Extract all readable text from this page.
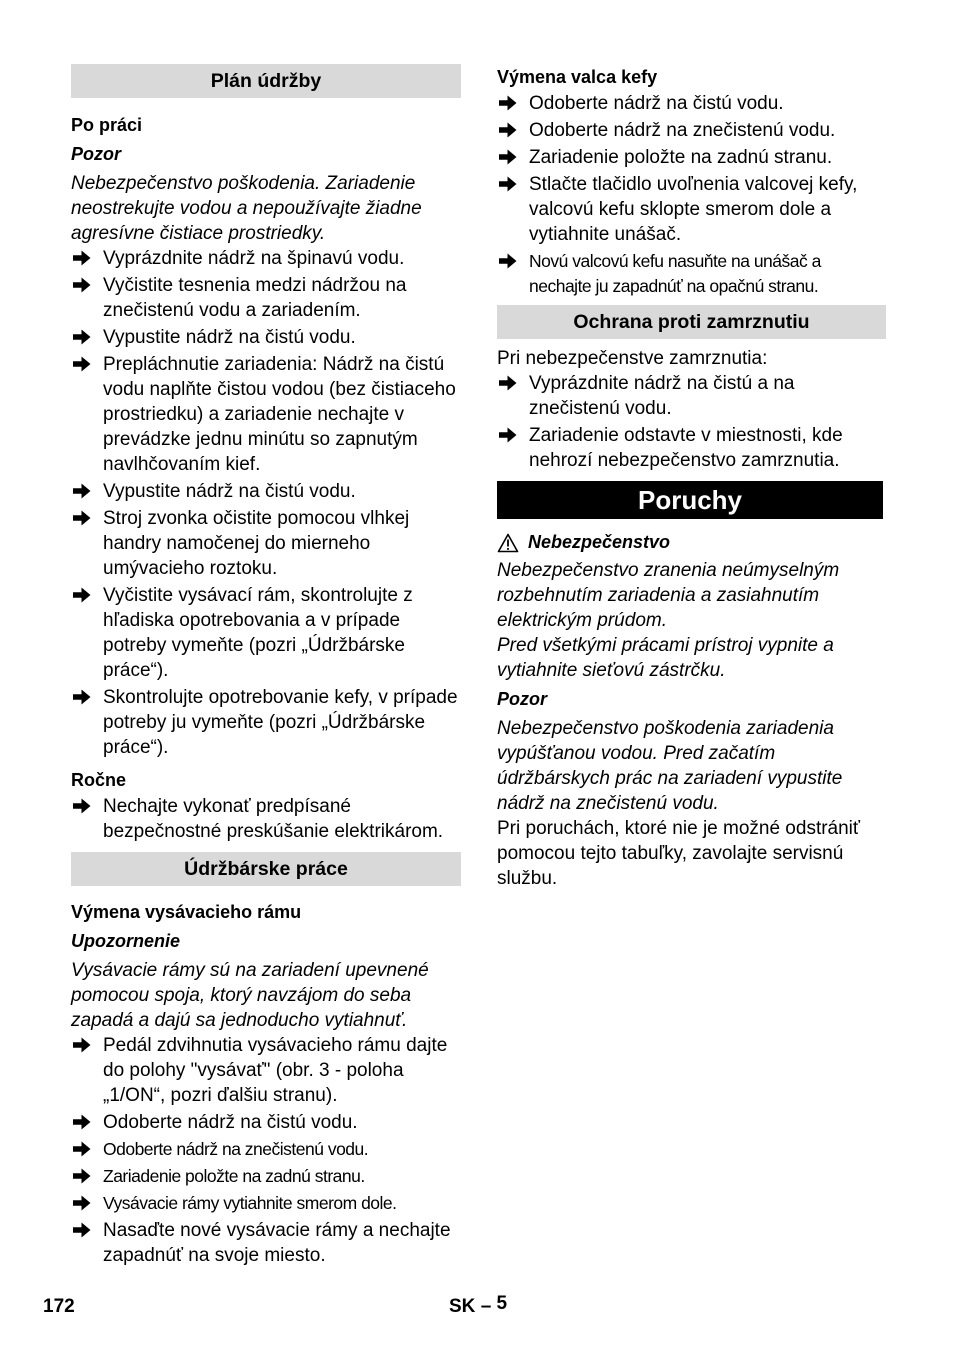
Plán údržby
Po práci
Pozor
Nebezpečenstvo poškodenia. Zariadenie neostrekujte vodou a nepoužívajte žiadne agresívne čistiace prostriedky.
Vyprázdnite nádrž na špinavú vodu.
Vyčistite tesnenia medzi nádržou na znečistenú vodu a zariadením.
Vypustite nádrž na čistú vodu.
Prepláchnutie zariadenia: Nádrž na čistú vodu naplňte čistou vodou (bez čistiaceho prostriedku) a zariadenie nechajte v prevádzke jednu minútu so zapnutým navlhčovaním kief.
Vypustite nádrž na čistú vodu.
Stroj zvonka očistite pomocou vlhkej handry namočenej do mierneho umývacieho roztoku.
Vyčistite vysávací rám, skontrolujte z hľadiska opotrebovania a v prípade potreby vymeňte (pozri „Údržbárske práce“).
Skontrolujte opotrebovanie kefy, v prípade potreby ju vymeňte (pozri „Údržbárske práce“).
Ročne
Nechajte vykonať predpísané bezpečnostné preskúšanie elektrikárom.
Údržbárske práce
Výmena vysávacieho rámu
Upozornenie
Vysávacie rámy sú na zariadení upevnené pomocou spoja, ktorý navzájom do seba zapadá a dajú sa jednoducho vytiahnuť.
Pedál zdvihnutia vysávacieho rámu dajte do polohy "vysávať" (obr. 3 - poloha „1/ON“, pozri ďalšiu stranu).
Odoberte nádrž na čistú vodu.
Odoberte nádrž na znečistenú vodu.
Zariadenie položte na zadnú stranu.
Vysávacie rámy vytiahnite smerom dole.
Nasaďte nové vysávacie rámy a nechajte zapadnúť na svoje miesto.
Výmena valca kefy
Odoberte nádrž na čistú vodu.
Odoberte nádrž na znečistenú vodu.
Zariadenie položte na zadnú stranu.
Stlačte tlačidlo uvoľnenia valcovej kefy, valcovú kefu sklopte smerom dole a vytiahnite unášač.
Novú valcovú kefu nasuňte na unášač a nechajte ju zapadnúť na opačnú stranu.
Ochrana proti zamrznutiu
Pri nebezpečenstve zamrznutia:
Vyprázdnite nádrž na čistú a na znečistenú vodu.
Zariadenie odstavte v miestnosti, kde nehrozí nebezpečenstvo zamrznutia.
Poruchy
Nebezpečenstvo
Nebezpečenstvo zranenia neúmyselným rozbehnutím zariadenia a zasiahnutím elektrickým prúdom.
Pred všetkými prácami prístroj vypnite a vytiahnite sieťovú zástrčku.
Pozor
Nebezpečenstvo poškodenia zariadenia vypúšťanou vodou. Pred začatím údržbárskych prác na zariadení vypustite nádrž na znečistenú vodu.
Pri poruchách, ktoré nie je možné odstrániť pomocou tejto tabuľky, zavolajte servisnú službu.
172	SK – 5
